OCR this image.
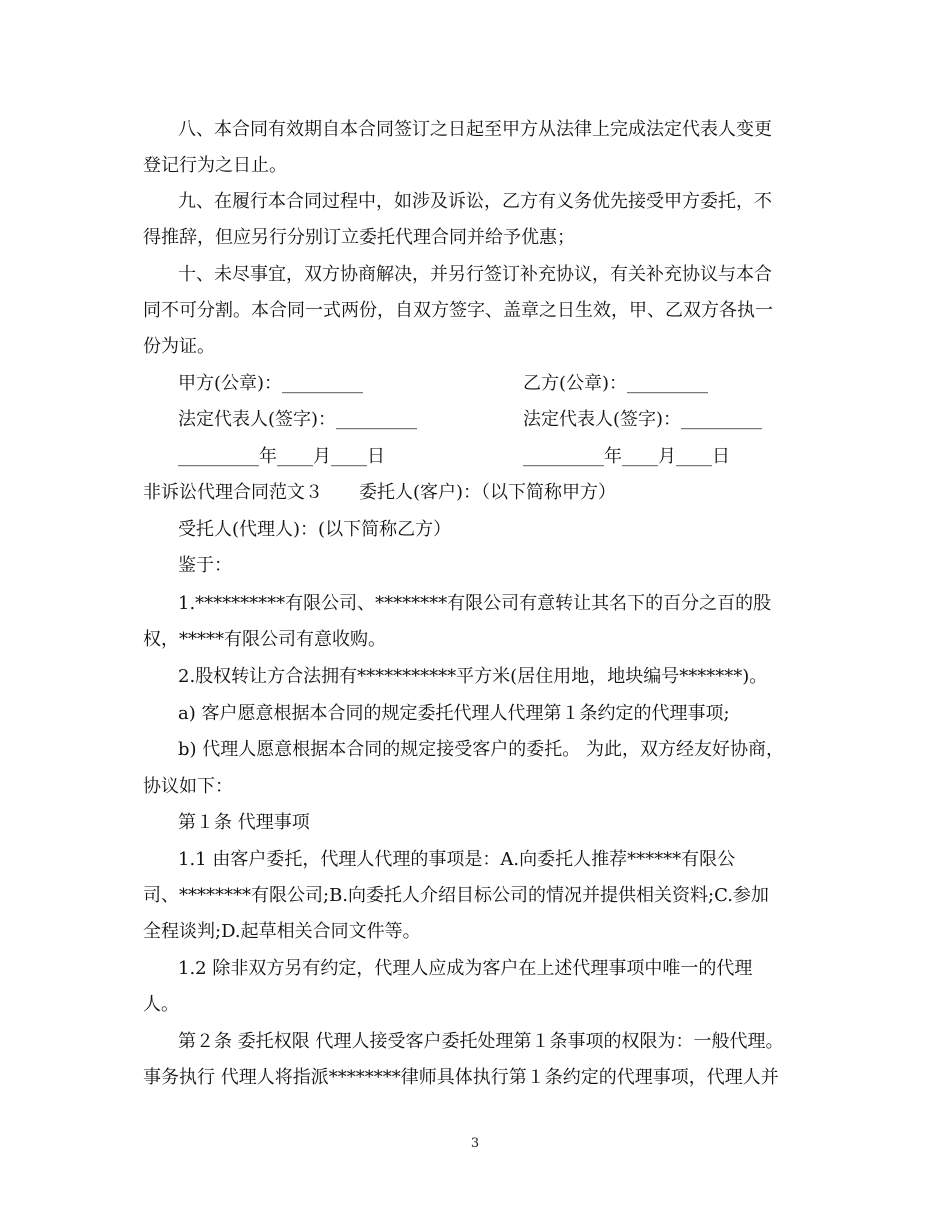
八、本合同有效期自本合同签订之日起至甲方从法律上完成法定代表人变更
登记行为之日止。
九、在履行本合同过程中，如涉及诉讼，乙方有义务优先接受甲方委托，不
得推辞，但应另行分别订立委托代理合同并给予优惠；
十、未尽事宜，双方协商解决，并另行签订补充协议，有关补充协议与本合
同不可分割。本合同一式两份，自双方签字、盖章之日生效，甲、乙双方各执一
份为证。
甲方(公章)：_________	乙方(公章)：_________
法定代表人(签字)：_________	法定代表人(签字)：_________
_________年____月____日	_________年____月____日
非诉讼代理合同范文３　　委托人(客户)：（以下简称甲方）
受托人(代理人)：(以下简称乙方）
鉴于：
1.**********有限公司、********有限公司有意转让其名下的百分之百的股
权，*****有限公司有意收购。
2.股权转让方合法拥有***********平方米(居住用地，地块编号*******)。
a) 客户愿意根据本合同的规定委托代理人代理第１条约定的代理事项;
b) 代理人愿意根据本合同的规定接受客户的委托。 为此，双方经友好协商，
协议如下：
第１条 代理事项
1.1 由客户委托，代理人代理的事项是：A.向委托人推荐******有限公
司、********有限公司;B.向委托人介绍目标公司的情况并提供相关资料;C.参加
全程谈判;D.起草相关合同文件等。
1.2 除非双方另有约定，代理人应成为客户在上述代理事项中唯一的代理
人。
第２条 委托权限 代理人接受客户委托处理第１条事项的权限为：一般代理。
事务执行 代理人将指派********律师具体执行第１条约定的代理事项，代理人并
3
